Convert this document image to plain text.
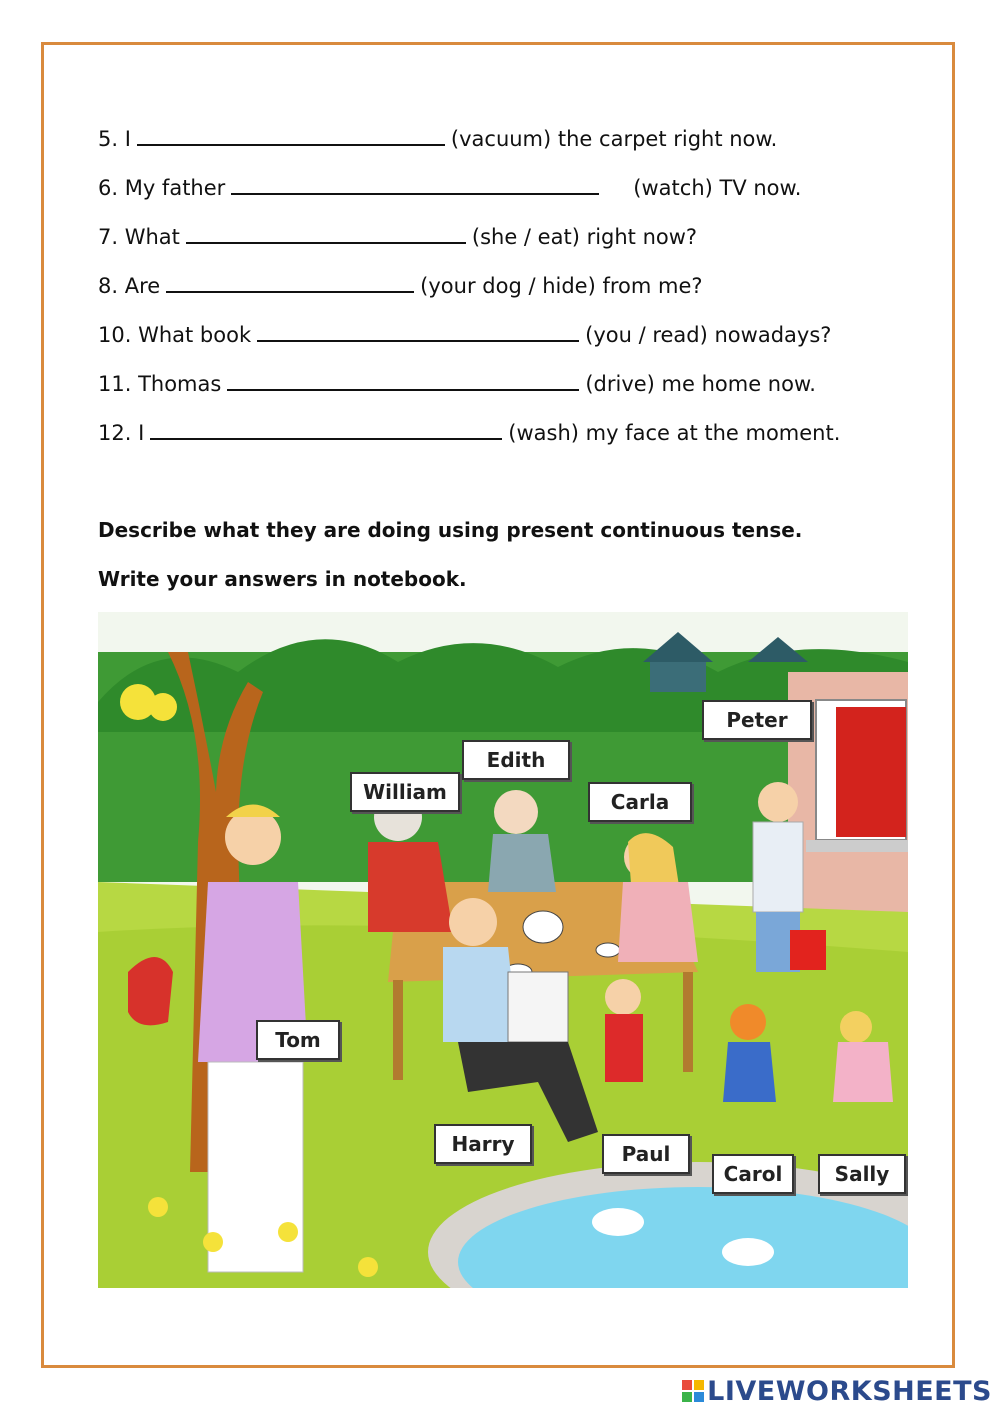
5. I	(vacuum) the carpet right now.
6. My father	(watch) TV now.
7. What	(she / eat) right now?
8. Are	(your dog / hide) from me?
10. What book	(you / read) nowadays?
11. Thomas	(drive) me home now.
12. I	(wash) my face at the moment.
Describe what they are doing using present continuous tense.
Write your answers in notebook.
Peter
Edith
William	Carla
Tom
Harry	Paul
Carol	Sally
LIVEWORKSHEETS
